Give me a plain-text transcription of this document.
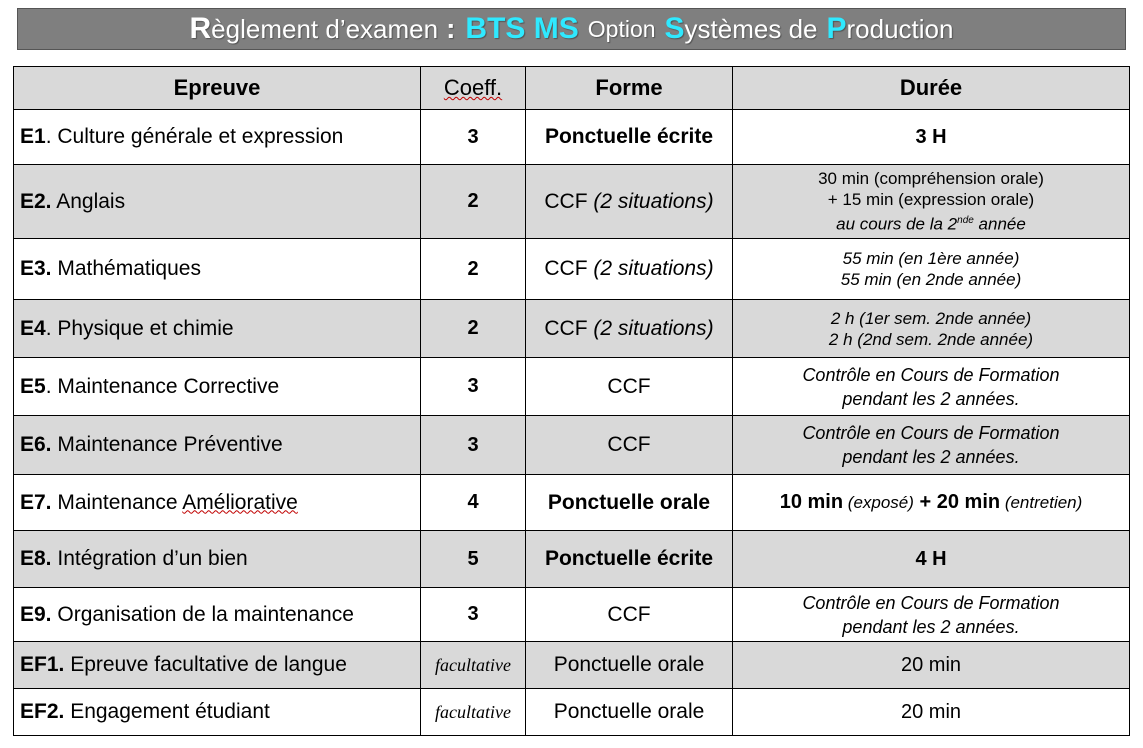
R èglement d’examen : BTS MS Option S ystèmes de P roduction
Epreuve	Coeff.	Forme	Durée
E1. Culture générale et expression	3	Ponctuelle écrite	3 H
E2. Anglais	2	CCF (2 situations)	30 min (compréhension orale)
+ 15 min (expression orale)
au cours de la 2nde année

E3. Mathématiques	2	CCF (2 situations)	55 min (en 1ère année)
55 min (en 2nde année)

E4. Physique et chimie	2	CCF (2 situations)	2 h (1er sem. 2nde année)
2 h (2nd sem. 2nde année)

E5. Maintenance Corrective	3	CCF	Contrôle en Cours de Formation
pendant les 2 années.

E6. Maintenance Préventive	3	CCF	Contrôle en Cours de Formation
pendant les 2 années.

E7. Maintenance Améliorative	4	Ponctuelle orale	10 min (exposé) + 20 min (entretien)
E8. Intégration d’un bien	5	Ponctuelle écrite	4 H
E9. Organisation de la maintenance	3	CCF	Contrôle en Cours de Formation
pendant les 2 années.

EF1. Epreuve facultative de langue	facultative	Ponctuelle orale	20 min
EF2. Engagement étudiant	facultative	Ponctuelle orale	20 min
